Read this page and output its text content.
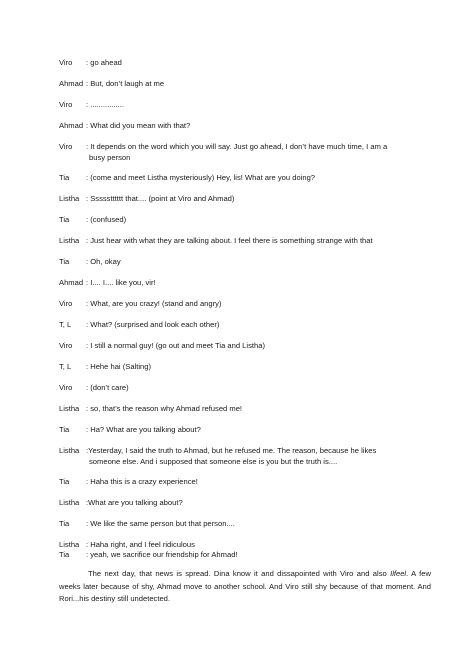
Viro : go ahead
Ahmad : But, don’t laugh at me
Viro : ................
Ahmad : What did you mean with that?
Viro : It depends on the word which you will say. Just go ahead, I don’t have much time, I am a
busy person
Tia : (come and meet Listha mysteriously) Hey, lis! What are you doing?
Listha : Ssssstttttt that.... (point at Viro and Ahmad)
Tia : (confused)
Listha : Just hear with what they are talking about. I feel there is something strange with that
Tia : Oh, okay
Ahmad : I.... I.... like you, vir!
Viro : What, are you crazy! (stand and angry)
T, L : What? (surprised and look each other)
Viro : I still a normal guy! (go out and meet Tia and Listha)
T, L : Hehe hai (Salting)
Viro : (don’t care)
Listha : so, that’s the reason why Ahmad refused me!
Tia : Ha? What are you talking about?
Listha :Yesterday, I said the truth to Ahmad, but he refused me. The reason, because he likes
someone else. And i supposed that someone else is you but the truth is....
Tia : Haha this is a crazy experience!
Listha :What are you talking about?
Tia : We like the same person but that person....
Listha : Haha right, and I feel ridiculous
Tia : yeah, we sacrifice our friendship for Ahmad!

The next day, that news is spread. Dina know it and dissapointed with Viro and also Ilfeel. A few weeks later because of shy, Ahmad move to another school. And Viro still shy because of that moment. And Rori...his destiny still undetected.
